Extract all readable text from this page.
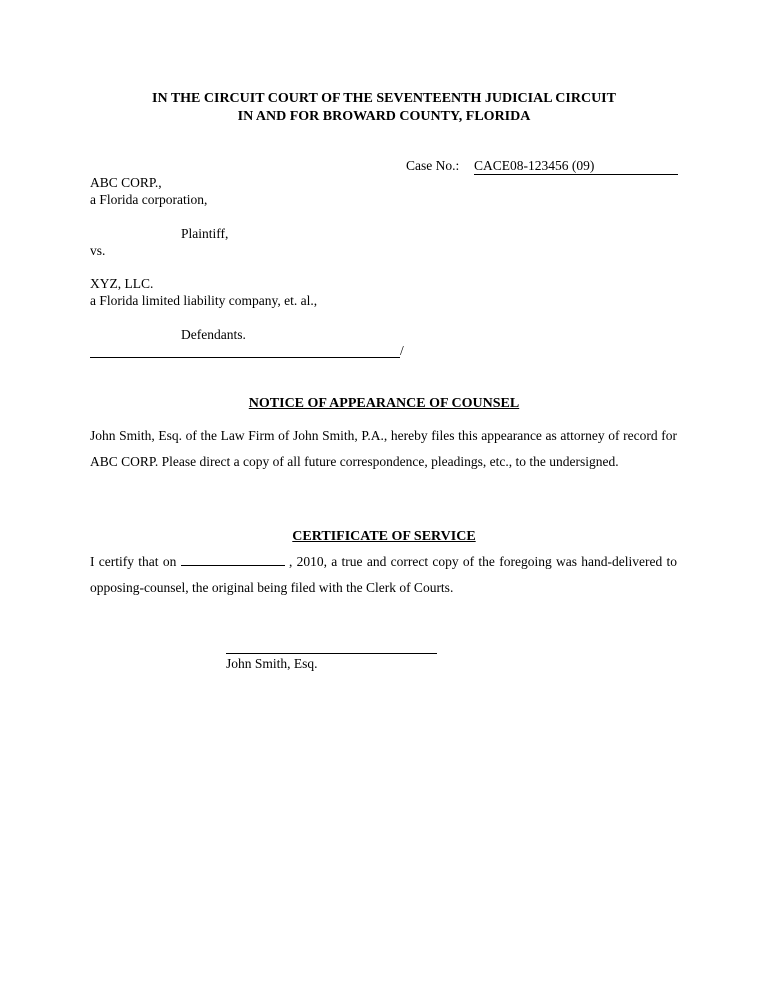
IN THE CIRCUIT COURT OF THE SEVENTEENTH JUDICIAL CIRCUIT
IN AND FOR BROWARD COUNTY, FLORIDA
Case No.: CACE08-123456 (09)
ABC CORP.,
a Florida corporation,
Plaintiff,
vs.
XYZ, LLC.
a Florida limited liability company, et. al.,
Defendants.
/
NOTICE OF APPEARANCE OF COUNSEL
John Smith, Esq. of the Law Firm of John Smith, P.A., hereby files this appearance as attorney of record for ABC CORP. Please direct a copy of all future correspondence, pleadings, etc., to the undersigned.
CERTIFICATE OF SERVICE
I certify that on	, 2010, a true and correct copy of the foregoing was hand-delivered to opposing-counsel, the original being filed with the Clerk of Courts.
John Smith, Esq.
